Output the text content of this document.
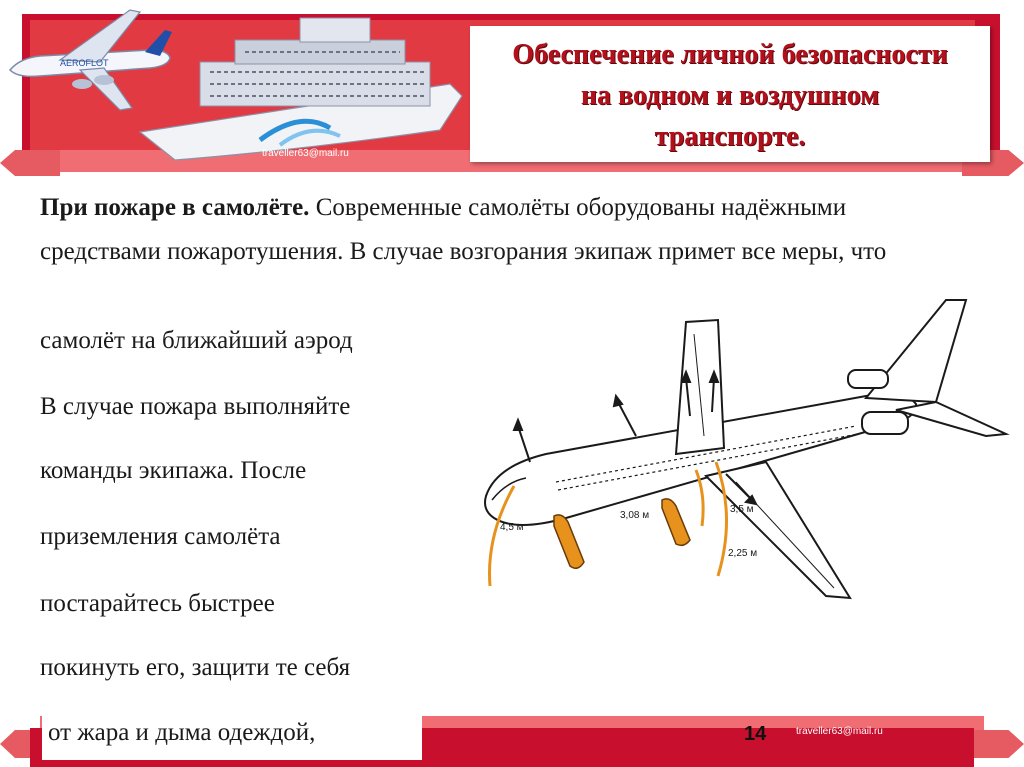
AEROFLOT	Обеспечение личной безопасности
на водном и воздушном
транспорте.
traveller63@mail.ru
При пожаре в самолёте. Современные самолёты оборудованы надёжными средствами пожаротушения. В случае возгорания экипаж примет все меры, что
самолёт на ближайший аэрод
В случае пожара выполняйте
команды экипажа. После
приземления самолёта
постарайтесь быстрее
покинуть его, защити те себя
4,5 м
3,08 м
3,5 м
2,25 м
от жара и дыма одеждой,	14	traveller63@mail.ru
